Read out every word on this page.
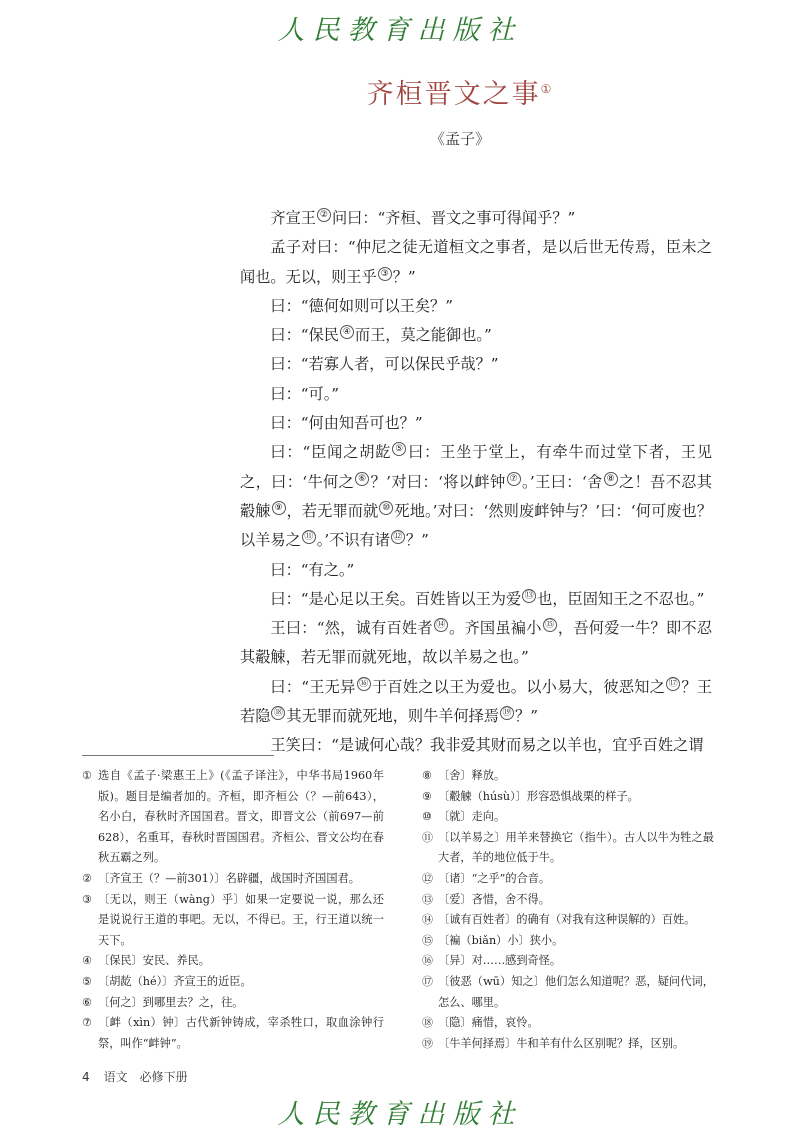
人民教育出版社
齐桓晋文之事①
《孟子》

齐宣王 ② 问曰：“齐桓、晋文之事可得闻乎？”

孟子对曰：“仲尼之徒无道桓文之事者，是以后世无传焉，臣未之闻也。无以，则王乎 ③ ？”

曰：“德何如则可以王矣？”

曰：“保民 ④ 而王，莫之能御也。”

曰：“若寡人者，可以保民乎哉？”

曰：“可。”

曰：“何由知吾可也？”

曰：“臣闻之胡龁 ⑤ 曰：王坐于堂上，有牵牛而过堂下者，王见之，曰：‘牛何之 ⑥ ？’对曰：‘将以衅钟 ⑦ 。’王曰：‘舍 ⑧ 之！吾不忍其觳觫 ⑨ ，若无罪而就 ⑩ 死地。’对曰：‘然则废衅钟与？’曰：‘何可废也？以羊易之 ⑪ 。’不识有诸 ⑫ ？”

曰：“有之。”

曰：“是心足以王矣。百姓皆以王为爱 ⑬ 也，臣固知王之不忍也。”

王曰：“然，诚有百姓者 ⑭ 。齐国虽褊小 ⑮ ，吾何爱一牛？即不忍其觳觫，若无罪而就死地，故以羊易之也。”

曰：“王无异 ⑯ 于百姓之以王为爱也。以小易大，彼恶知之 ⑰ ？王若隐 ⑱ 其无罪而就死地，则牛羊何择焉 ⑲ ？”

王笑曰：“是诚何心哉？我非爱其财而易之以羊也，宜乎百姓之谓

① 选自《孟子·梁惠王上》(《孟子译注》，中华书局1960年版)。题目是编者加的。齐桓，即齐桓公（？—前643），名小白，春秋时齐国国君。晋文，即晋文公（前697—前628），名重耳，春秋时晋国国君。齐桓公、晋文公均在春秋五霸之列。
② 〔齐宣王（？—前301）〕名辟疆，战国时齐国国君。
③ 〔无以，则王（wàng）乎〕如果一定要说一说，那么还是说说行王道的事吧。无以，不得已。王，行王道以统一天下。
④ 〔保民〕安民、养民。
⑤ 〔胡龁（hé）〕齐宣王的近臣。
⑥ 〔何之〕到哪里去？之，往。
⑦ 〔衅（xìn）钟〕古代新钟铸成，宰杀牲口，取血涂钟行祭，叫作“衅钟”。
⑧ 〔舍〕释放。
⑨ 〔觳觫（húsù）〕形容恐惧战栗的样子。
⑩ 〔就〕走向。
⑪ 〔以羊易之〕用羊来替换它（指牛）。古人以牛为牲之最大者，羊的地位低于牛。
⑫ 〔诸〕“之乎”的合音。
⑬ 〔爱〕吝惜，舍不得。
⑭ 〔诚有百姓者〕的确有（对我有这种误解的）百姓。
⑮ 〔褊（biǎn）小〕狭小。
⑯ 〔异〕对……感到奇怪。
⑰ 〔彼恶（wū）知之〕他们怎么知道呢？恶，疑问代词，怎么、哪里。
⑱ 〔隐〕痛惜，哀怜。
⑲ 〔牛羊何择焉〕牛和羊有什么区别呢？择，区别。
4 语文　必修下册
人民教育出版社
